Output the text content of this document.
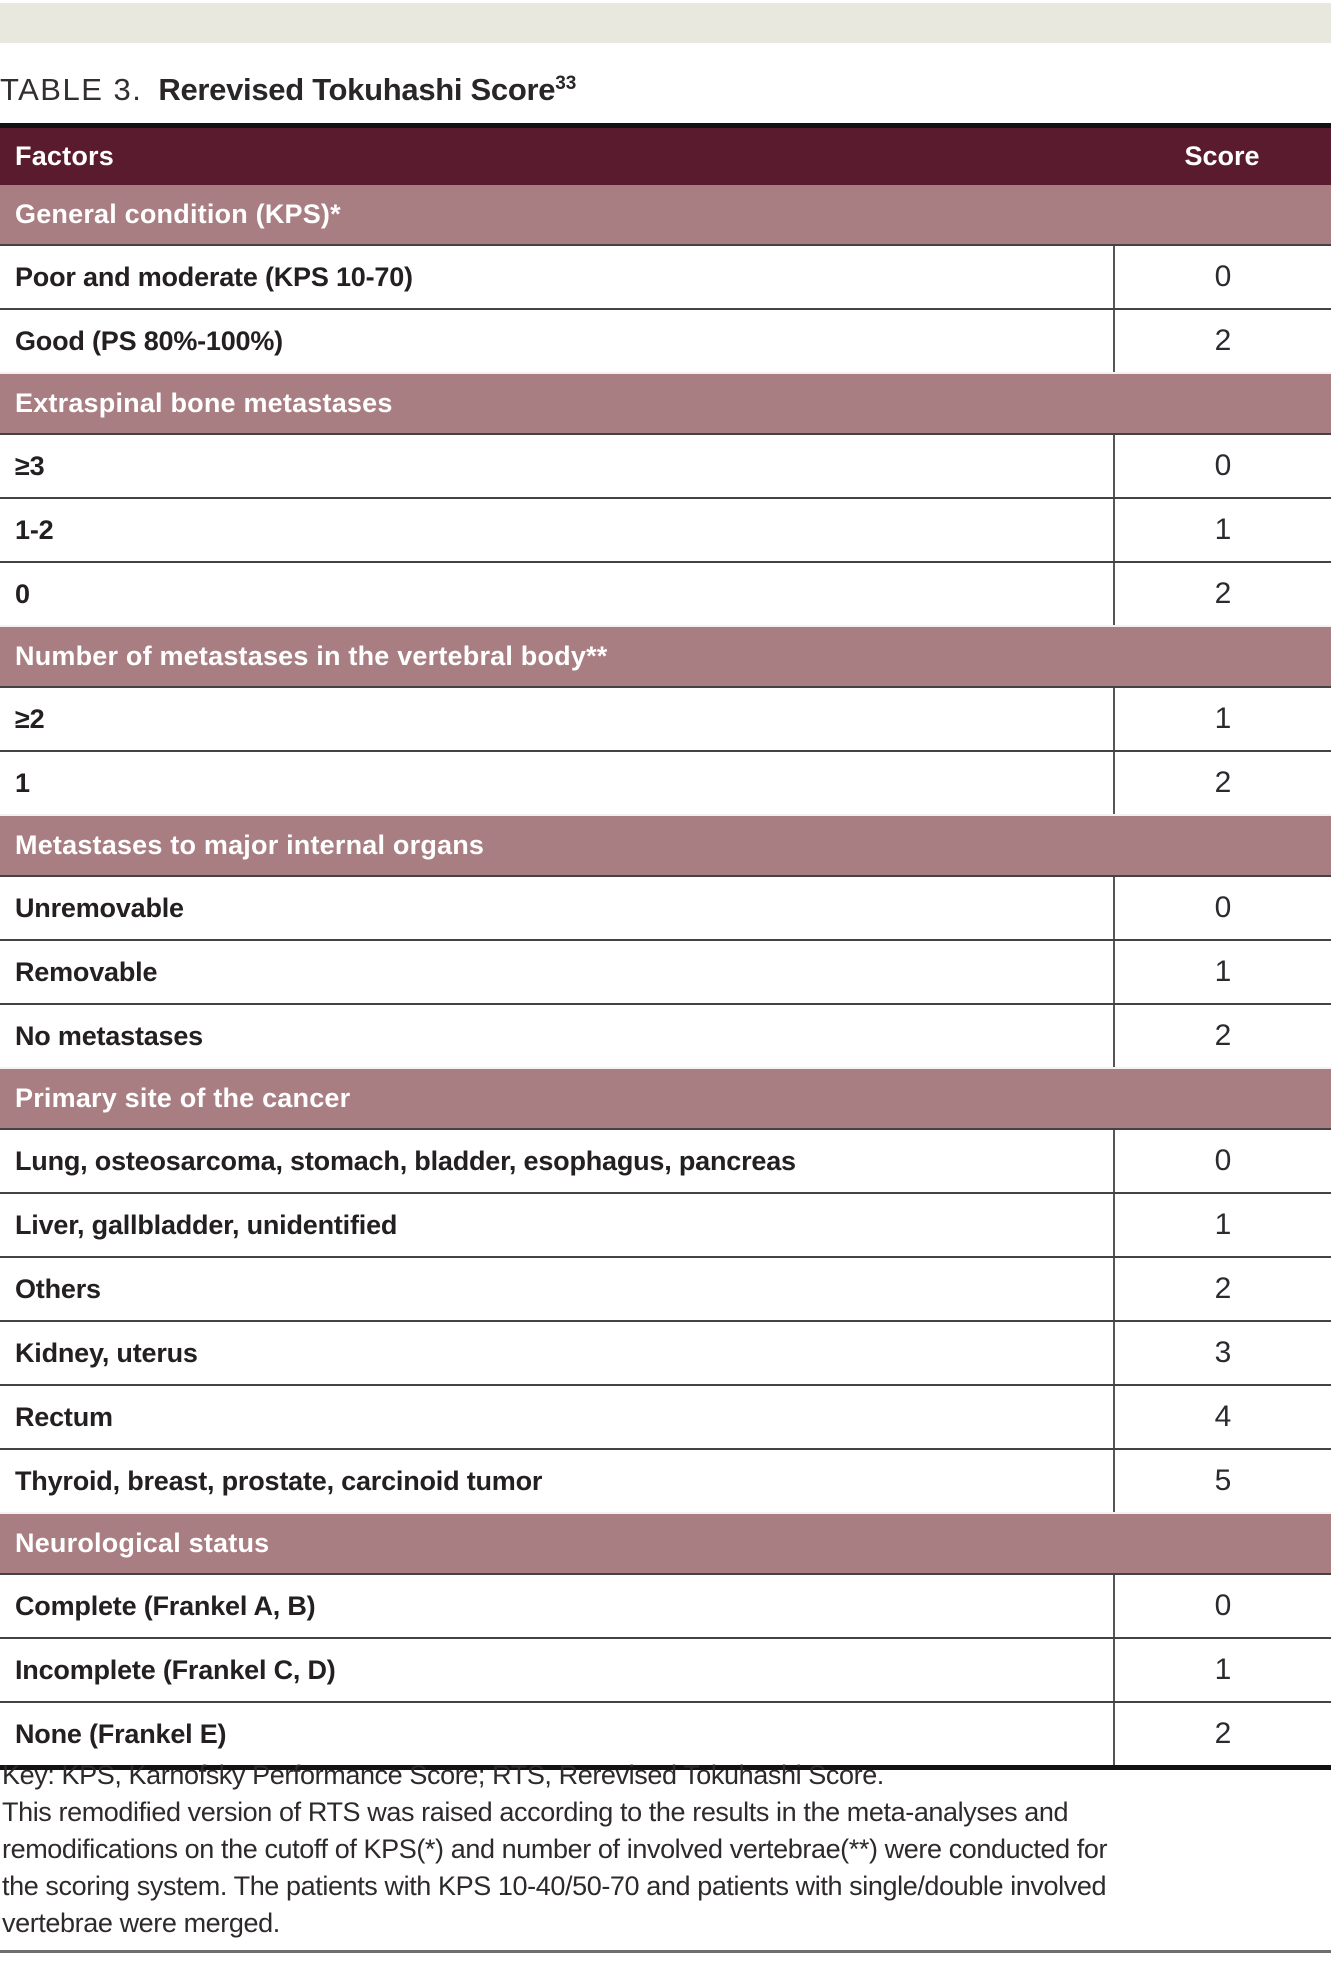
TABLE 3. Rerevised Tokuhashi Score$^{33}$
Factors	Score
General condition (KPS)*
Poor and moderate (KPS 10-70)	0
Good (PS 80%-100%)	2
Extraspinal bone metastases
≥3	0
1-2	1
0	2
Number of metastases in the vertebral body**
≥2	1
1	2
Metastases to major internal organs
Unremovable	0
Removable	1
No metastases	2
Primary site of the cancer
Lung, osteosarcoma, stomach, bladder, esophagus, pancreas	0
Liver, gallbladder, unidentified	1
Others	2
Kidney, uterus	3
Rectum	4
Thyroid, breast, prostate, carcinoid tumor	5
Neurological status
Complete (Frankel A, B)	0
Incomplete (Frankel C, D)	1
None (Frankel E)	2
Key: KPS, Karnofsky Performance Score; RTS, Rerevised Tokuhashi Score.
This remodified version of RTS was raised according to the results in the meta-analyses and
remodifications on the cutoff of KPS(*) and number of involved vertebrae(**) were conducted for
the scoring system. The patients with KPS 10-40/50-70 and patients with single/double involved
vertebrae were merged.
